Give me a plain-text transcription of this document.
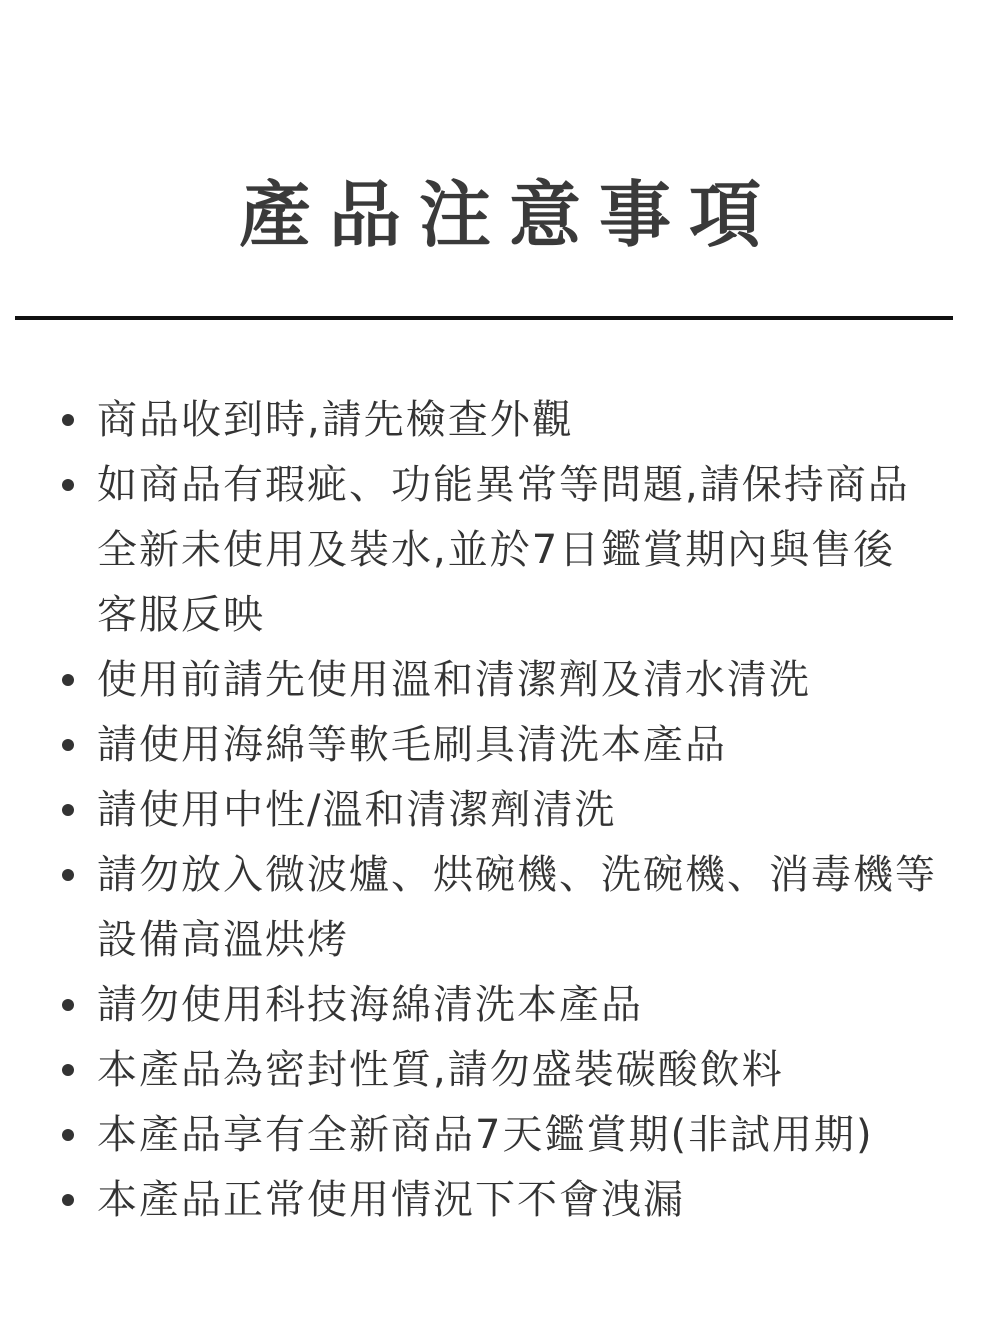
產品注意事項
商品收到時,請先檢查外觀
如商品有瑕疵、功能異常等問題,請保持商品
全新未使用及裝水,並於7日鑑賞期內與售後
客服反映
使用前請先使用溫和清潔劑及清水清洗
請使用海綿等軟毛刷具清洗本產品
請使用中性/溫和清潔劑清洗
請勿放入微波爐、烘碗機、洗碗機、消毒機等
設備高溫烘烤
請勿使用科技海綿清洗本產品
本產品為密封性質,請勿盛裝碳酸飲料
本產品享有全新商品7天鑑賞期(非試用期)
本產品正常使用情況下不會洩漏
